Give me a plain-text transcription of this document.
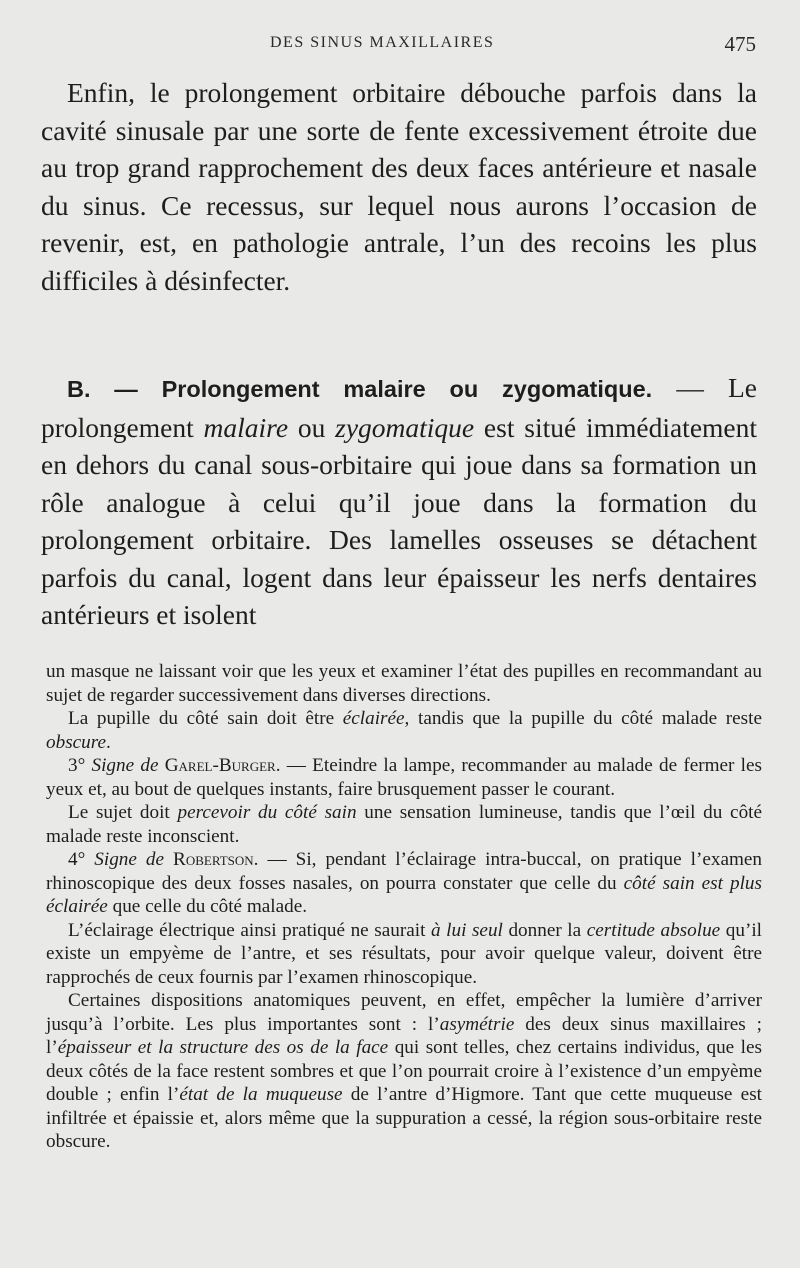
DES SINUS MAXILLAIRES	475

Enfin, le prolongement orbitaire débouche parfois dans la cavité sinusale par une sorte de fente excessivement étroite due au trop grand rapprochement des deux faces antérieure et nasale du sinus. Ce recessus, sur lequel nous aurons l’occasion de revenir, est, en pathologie antrale, l’un des recoins les plus difficiles à désinfecter.

B. — Prolongement malaire ou zygomatique. — Le prolongement malaire ou zygomatique est situé immédiatement en dehors du canal sous-orbitaire qui joue dans sa formation un rôle analogue à celui qu’il joue dans la formation du prolongement orbitaire. Des lamelles osseuses se détachent parfois du canal, logent dans leur épaisseur les nerfs dentaires antérieurs et isolent

un masque ne laissant voir que les yeux et examiner l’état des pupilles en recommandant au sujet de regarder successivement dans diverses directions.

La pupille du côté sain doit être éclairée, tandis que la pupille du côté malade reste obscure.

3° Signe de Garel-Burger. — Eteindre la lampe, recommander au malade de fermer les yeux et, au bout de quelques instants, faire brusquement passer le courant.

Le sujet doit percevoir du côté sain une sensation lumineuse, tandis que l’œil du côté malade reste inconscient.

4° Signe de Robertson. — Si, pendant l’éclairage intra-buccal, on pratique l’examen rhinoscopique des deux fosses nasales, on pourra constater que celle du côté sain est plus éclairée que celle du côté malade.

L’éclairage électrique ainsi pratiqué ne saurait à lui seul donner la certitude absolue qu’il existe un empyème de l’antre, et ses résultats, pour avoir quelque valeur, doivent être rapprochés de ceux fournis par l’examen rhinoscopique.

Certaines dispositions anatomiques peuvent, en effet, empêcher la lumière d’arriver jusqu’à l’orbite. Les plus importantes sont : l’asymétrie des deux sinus maxillaires ; l’épaisseur et la structure des os de la face qui sont telles, chez certains individus, que les deux côtés de la face restent sombres et que l’on pourrait croire à l’existence d’un empyème double ; enfin l’état de la muqueuse de l’antre d’Higmore. Tant que cette muqueuse est infiltrée et épaissie et, alors même que la suppuration a cessé, la région sous-orbitaire reste obscure.
